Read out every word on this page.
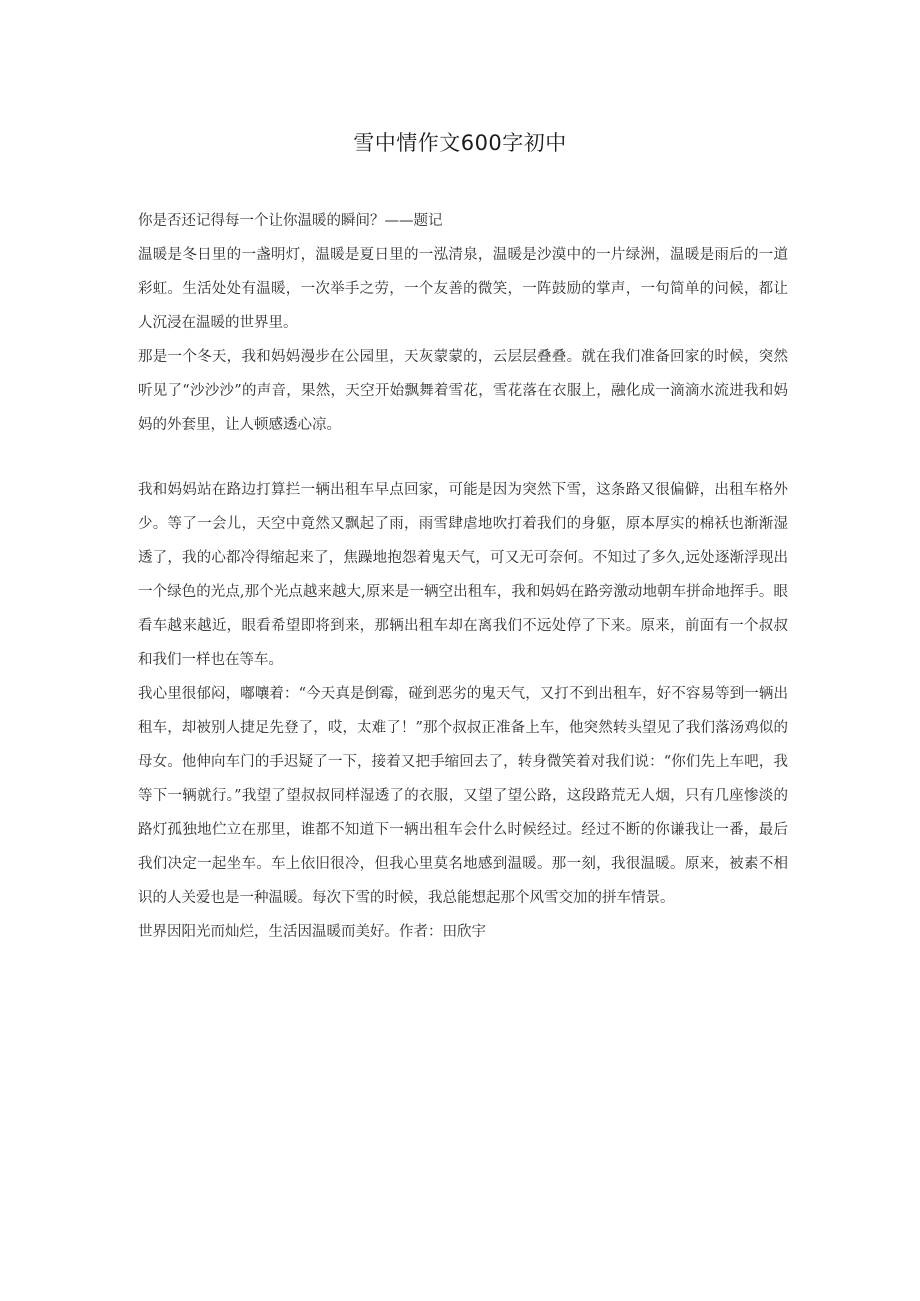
雪中情作文600字初中

你是否还记得每一个让你温暖的瞬间？——题记

温暖是冬日里的一盏明灯，温暖是夏日里的一泓清泉，温暖是沙漠中的一片绿洲，温暖是雨后的一道彩虹。生活处处有温暖，一次举手之劳，一个友善的微笑，一阵鼓励的掌声，一句简单的问候，都让人沉浸在温暖的世界里。

那是一个冬天，我和妈妈漫步在公园里，天灰蒙蒙的，云层层叠叠。就在我们准备回家的时候，突然听见了“沙沙沙”的声音，果然，天空开始飘舞着雪花，雪花落在衣服上，融化成一滴滴水流进我和妈妈的外套里，让人顿感透心凉。

我和妈妈站在路边打算拦一辆出租车早点回家，可能是因为突然下雪，这条路又很偏僻，出租车格外少。等了一会儿，天空中竟然又飘起了雨，雨雪肆虐地吹打着我们的身躯，原本厚实的棉袄也渐渐湿透了，我的心都冷得缩起来了，焦躁地抱怨着鬼天气，可又无可奈何。不知过了多久,远处逐渐浮现出一个绿色的光点,那个光点越来越大,原来是一辆空出租车，我和妈妈在路旁激动地朝车拼命地挥手。眼看车越来越近，眼看希望即将到来，那辆出租车却在离我们不远处停了下来。原来，前面有一个叔叔和我们一样也在等车。

我心里很郁闷，嘟嚷着：“今天真是倒霉，碰到恶劣的鬼天气，又打不到出租车，好不容易等到一辆出租车，却被别人捷足先登了，哎，太难了！”那个叔叔正准备上车，他突然转头望见了我们落汤鸡似的母女。他伸向车门的手迟疑了一下，接着又把手缩回去了，转身微笑着对我们说：“你们先上车吧，我等下一辆就行。”我望了望叔叔同样湿透了的衣服，又望了望公路，这段路荒无人烟，只有几座惨淡的路灯孤独地伫立在那里，谁都不知道下一辆出租车会什么时候经过。经过不断的你谦我让一番，最后我们决定一起坐车。车上依旧很冷，但我心里莫名地感到温暖。那一刻，我很温暖。原来，被素不相识的人关爱也是一种温暖。每次下雪的时候，我总能想起那个风雪交加的拼车情景。

世界因阳光而灿烂，生活因温暖而美好。作者：田欣宇
